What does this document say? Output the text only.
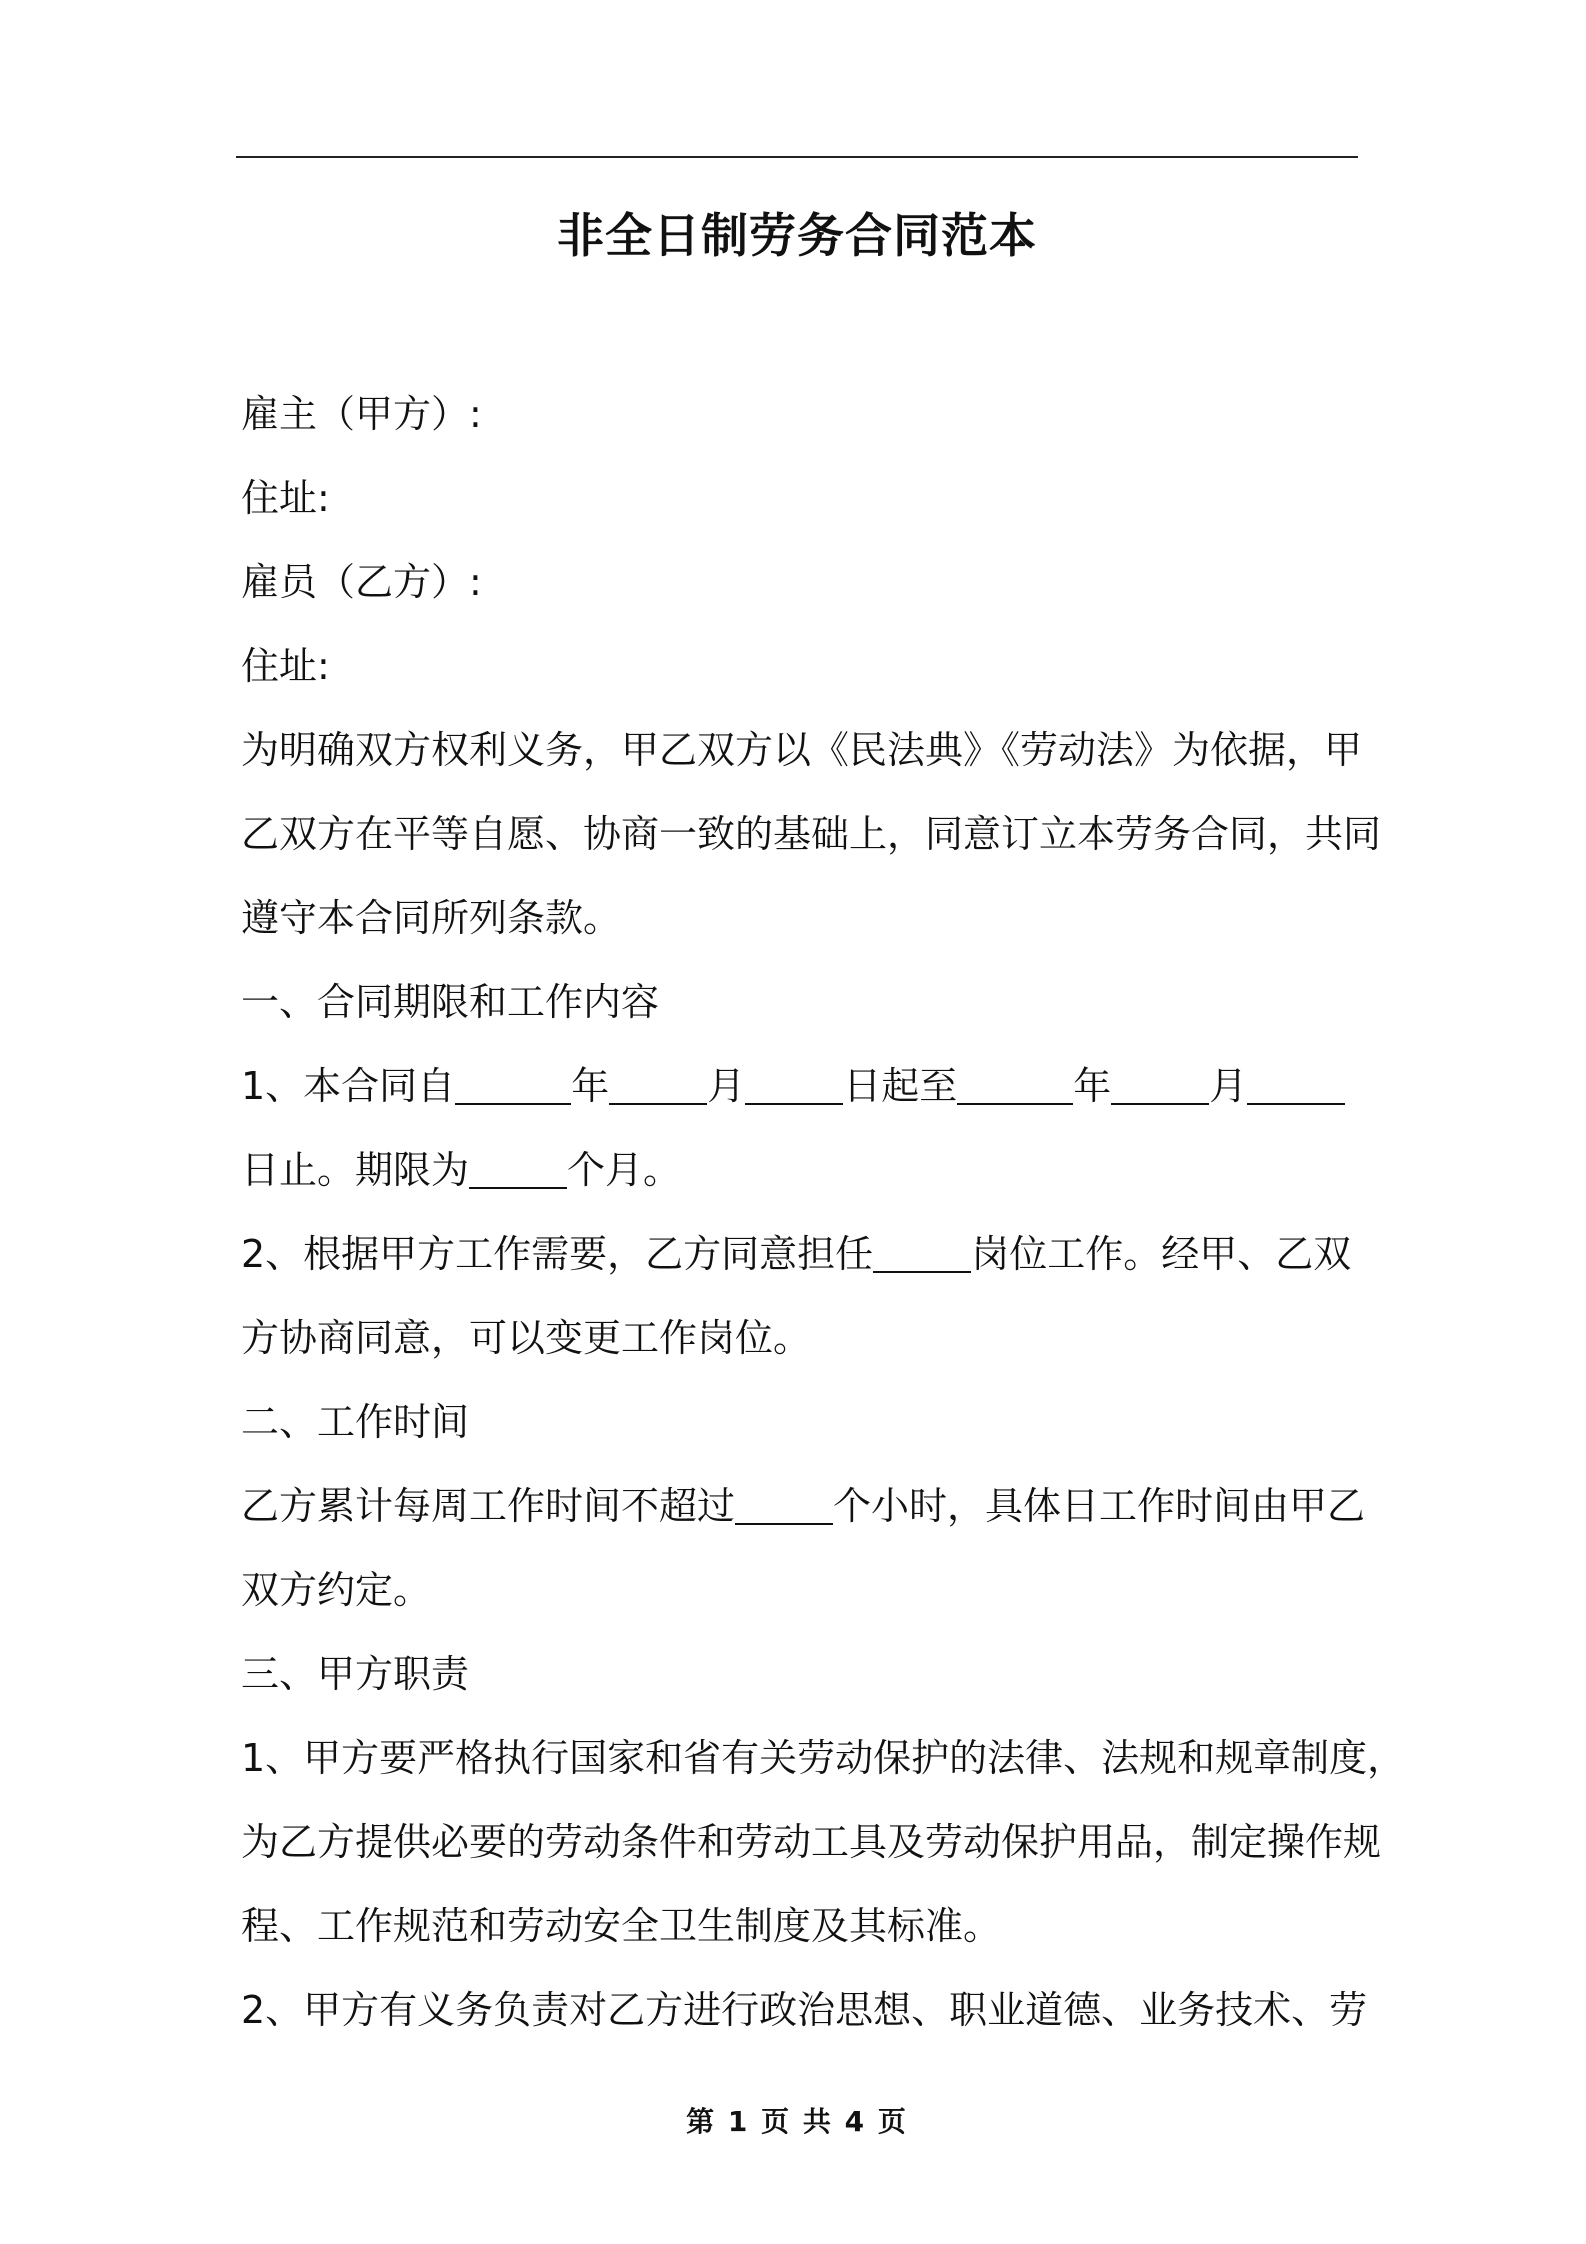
非全日制劳务合同范本
雇主（甲方）:
住址:
雇员（乙方）:
住址:
为明确双方权利义务，甲乙双方以《民法典》《劳动法》为依据，甲
乙双方在平等自愿、协商一致的基础上，同意订立本劳务合同，共同
遵守本合同所列条款。
一、合同期限和工作内容
1、本合同自	年	月	日起至	年	月
日止。期限为	个月。
2、根据甲方工作需要，乙方同意担任	岗位工作。经甲、乙双
方协商同意，可以变更工作岗位。
二、工作时间
乙方累计每周工作时间不超过	个小时，具体日工作时间由甲乙
双方约定。
三、甲方职责
1、甲方要严格执行国家和省有关劳动保护的法律、法规和规章制度，
为乙方提供必要的劳动条件和劳动工具及劳动保护用品，制定操作规
程、工作规范和劳动安全卫生制度及其标准。
2、甲方有义务负责对乙方进行政治思想、职业道德、业务技术、劳
第 1 页 共 4 页
